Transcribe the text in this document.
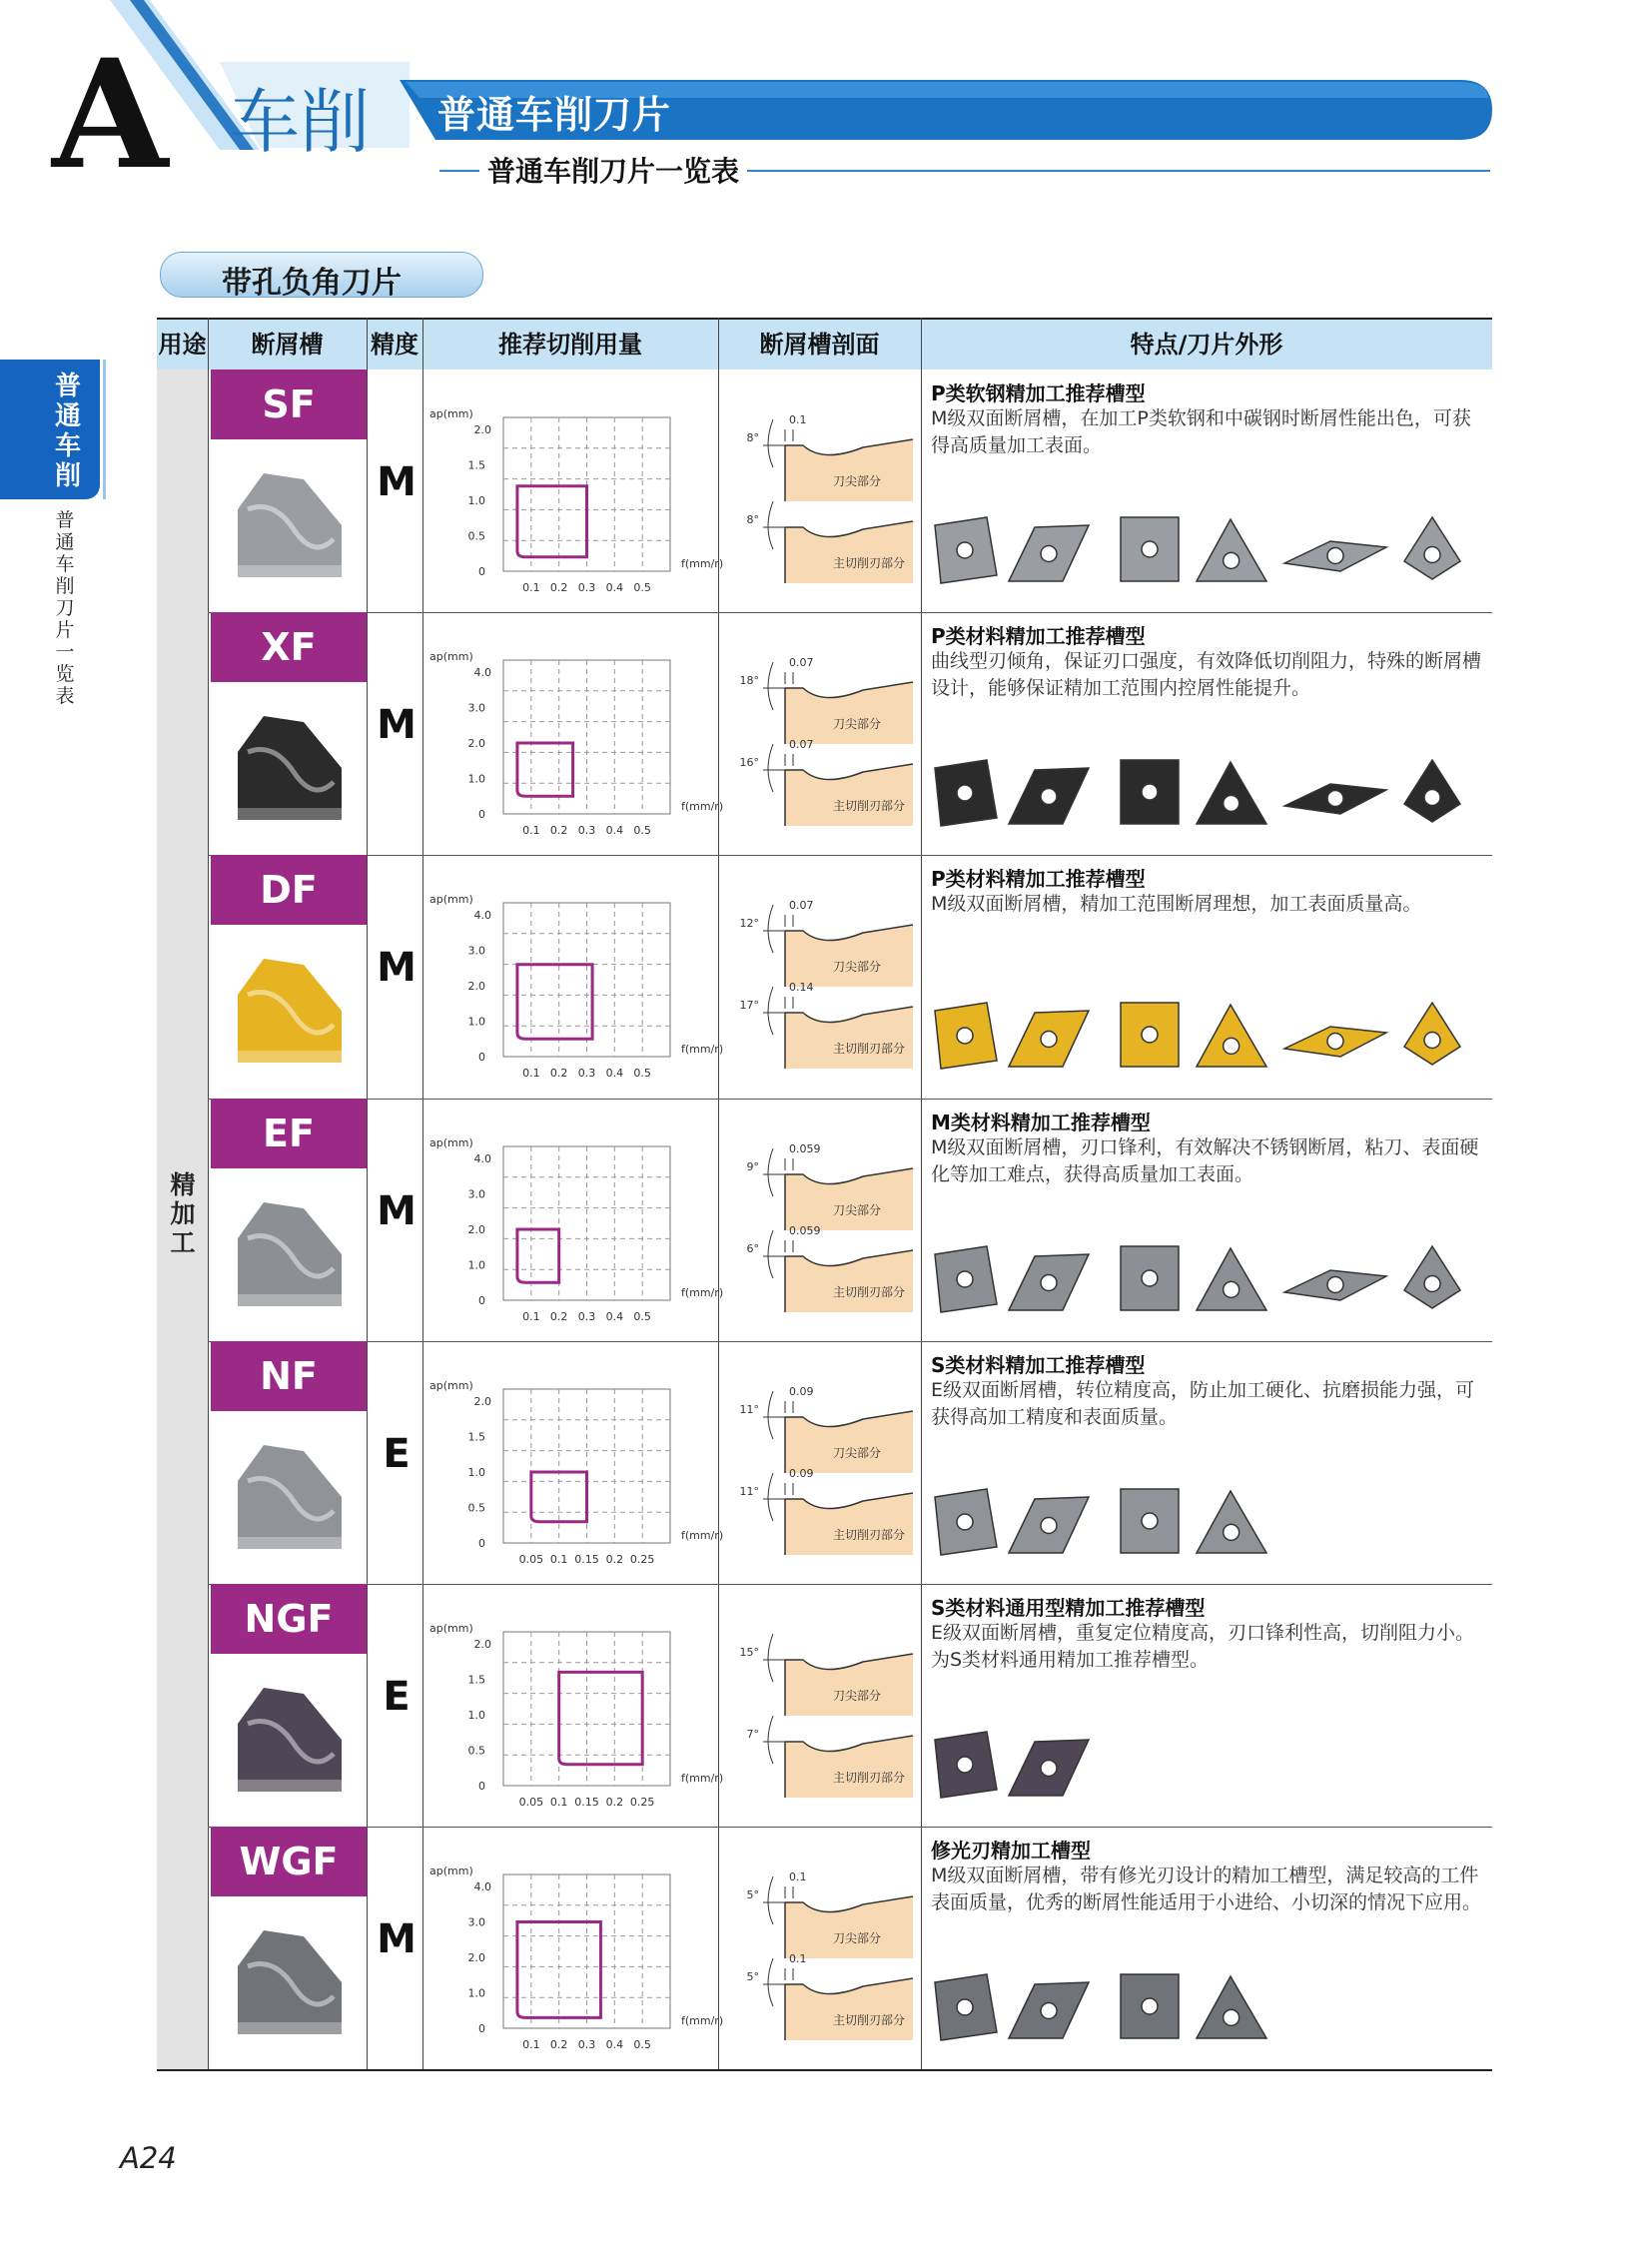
A 车削 普通车削刀片
普通车削刀片一览表
普通车削
普通车削刀片一览表
带孔负角刀片
用途	断屑槽	精度	推荐切削用量	断屑槽剖面	特点/刀片外形
精加工
SF
M
ap(mm)
2.0
1.5
1.0
0.5
0
0.1 0.2 0.3 0.4 0.5
f(mm/r)
8°
0.1
刀尖部分
8°
主切削刃部分
P类软钢精加工推荐槽型
M级双面断屑槽，在加工P类软钢和中碳钢时断屑性能出色，可获得高质量加工表面。
XF
M
ap(mm)
4.0
3.0
2.0
1.0
0
0.1 0.2 0.3 0.4 0.5
f(mm/r)
18°
0.07
刀尖部分
16°
0.07
主切削刃部分
P类材料精加工推荐槽型
曲线型刃倾角，保证刃口强度，有效降低切削阻力，特殊的断屑槽设计，能够保证精加工范围内控屑性能提升。
DF
M
ap(mm)
4.0
3.0
2.0
1.0
0
0.1 0.2 0.3 0.4 0.5
f(mm/r)
12°
0.07
刀尖部分
17°
0.14
主切削刃部分
P类材料精加工推荐槽型
M级双面断屑槽，精加工范围断屑理想，加工表面质量高。
EF
M
ap(mm)
4.0
3.0
2.0
1.0
0
0.1 0.2 0.3 0.4 0.5
f(mm/r)
9°
0.059
刀尖部分
6°
0.059
主切削刃部分
M类材料精加工推荐槽型
M级双面断屑槽，刃口锋利，有效解决不锈钢断屑，粘刀、表面硬化等加工难点，获得高质量加工表面。
NF
E
ap(mm)
2.0
1.5
1.0
0.5
0
0.05 0.1 0.15 0.2 0.25
f(mm/r)
11°
0.09
刀尖部分
11°
0.09
主切削刃部分
S类材料精加工推荐槽型
E级双面断屑槽，转位精度高，防止加工硬化、抗磨损能力强，可获得高加工精度和表面质量。
NGF
E
ap(mm)
2.0
1.5
1.0
0.5
0
0.05 0.1 0.15 0.2 0.25
f(mm/r)
15°
刀尖部分
7°
主切削刃部分
S类材料通用型精加工推荐槽型
E级双面断屑槽，重复定位精度高，刃口锋利性高，切削阻力小。为S类材料通用精加工推荐槽型。
WGF
M
ap(mm)
4.0
3.0
2.0
1.0
0
0.1 0.2 0.3 0.4 0.5
f(mm/r)
5°
0.1
刀尖部分
5°
0.1
主切削刃部分
修光刃精加工槽型
M级双面断屑槽，带有修光刃设计的精加工槽型，满足较高的工件表面质量，优秀的断屑性能适用于小进给、小切深的情况下应用。
A24
